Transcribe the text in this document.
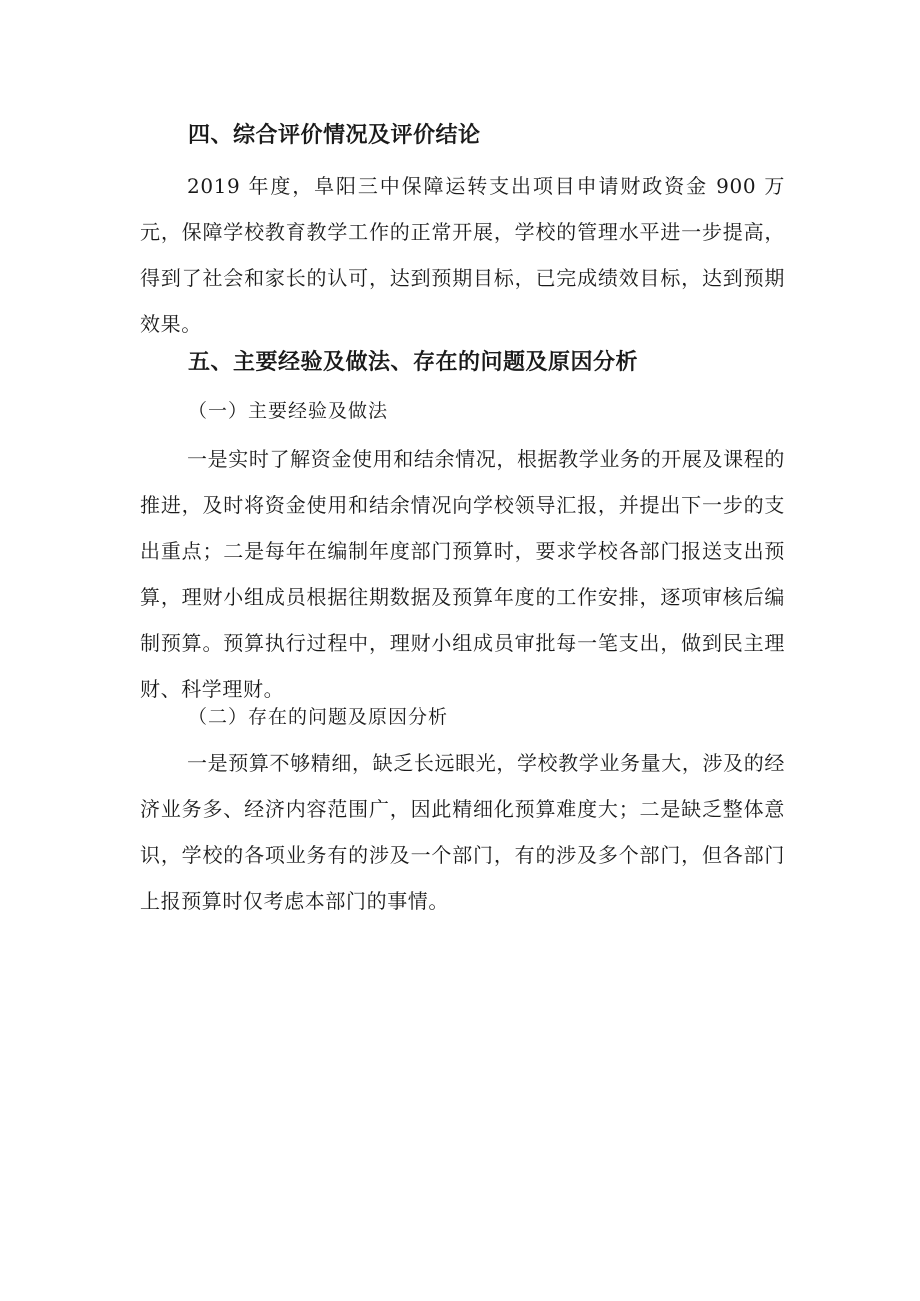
四、综合评价情况及评价结论
2019 年度，阜阳三中保障运转支出项目申请财政资金 900 万元，保障学校教育教学工作的正常开展，学校的管理水平进一步提高，得到了社会和家长的认可，达到预期目标，已完成绩效目标，达到预期效果。
五、主要经验及做法、存在的问题及原因分析
（一）主要经验及做法
一是实时了解资金使用和结余情况，根据教学业务的开展及课程的推进，及时将资金使用和结余情况向学校领导汇报，并提出下一步的支出重点；二是每年在编制年度部门预算时，要求学校各部门报送支出预算，理财小组成员根据往期数据及预算年度的工作安排，逐项审核后编制预算。预算执行过程中，理财小组成员审批每一笔支出，做到民主理财、科学理财。
（二）存在的问题及原因分析
一是预算不够精细，缺乏长远眼光，学校教学业务量大，涉及的经济业务多、经济内容范围广，因此精细化预算难度大；二是缺乏整体意识，学校的各项业务有的涉及一个部门，有的涉及多个部门，但各部门上报预算时仅考虑本部门的事情。
